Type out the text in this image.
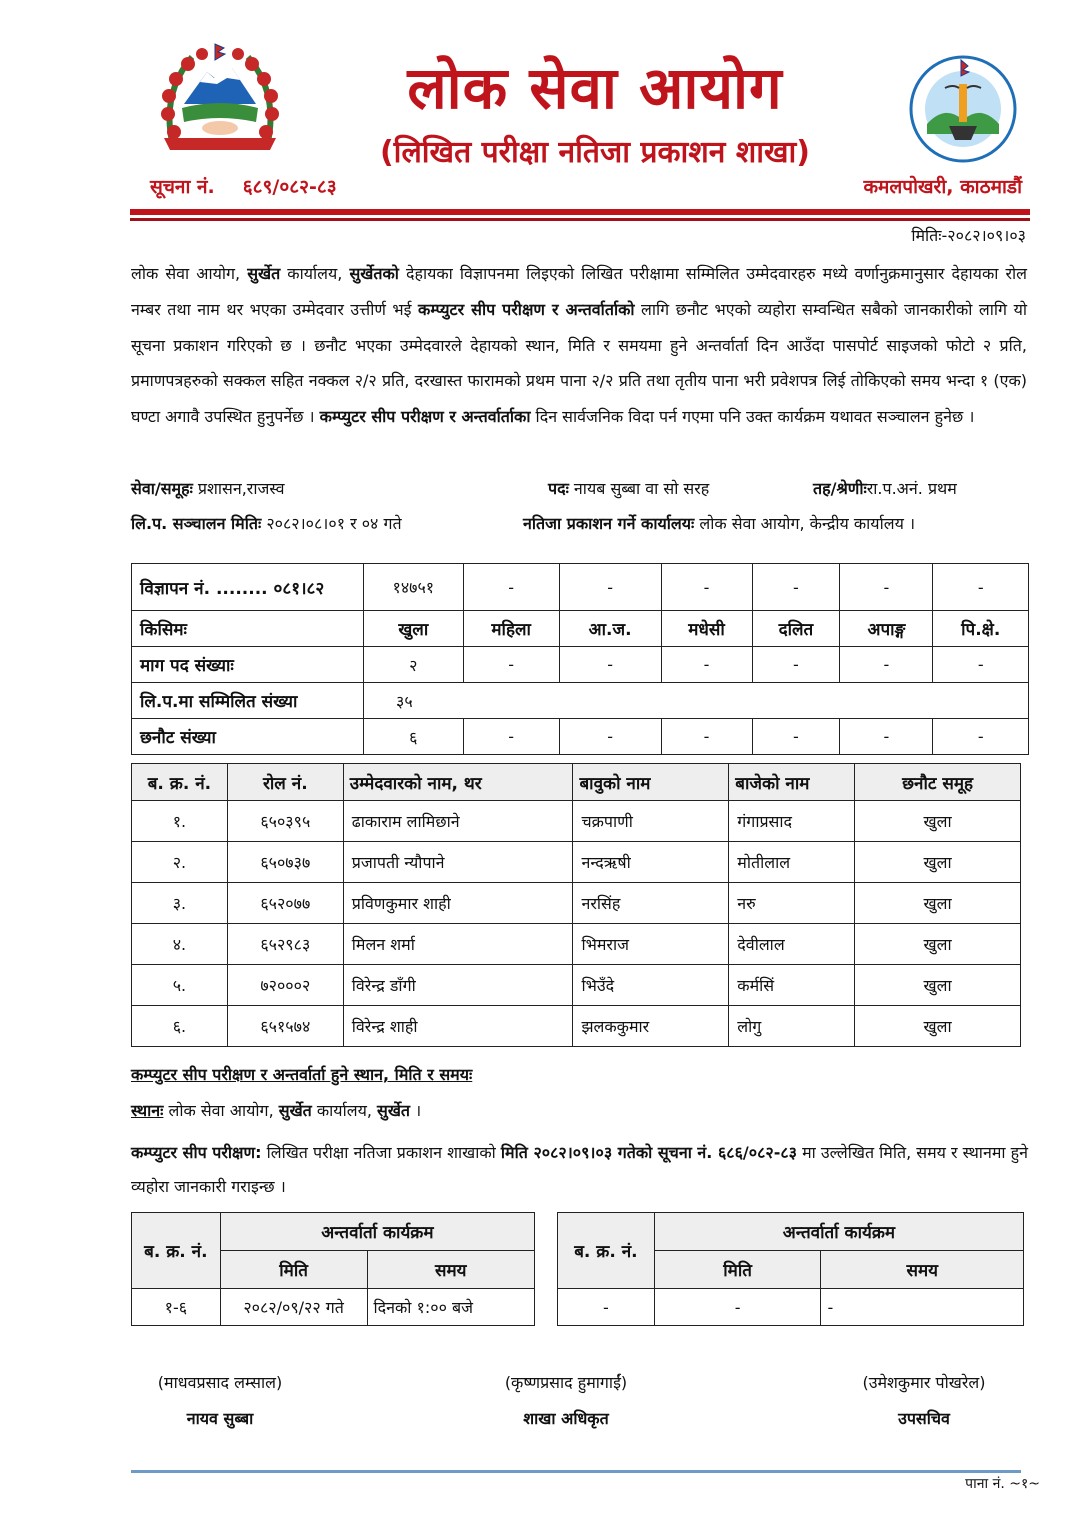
लोक सेवा आयोग
(लिखित परीक्षा नतिजा प्रकाशन शाखा)
सूचना नं. ६८९/०८२-८३	कमलपोखरी, काठमाडौं
मितिः-२०८२।०९।०३
लोक सेवा आयोग, सुर्खेत कार्यालय, सुर्खेतको देहायका विज्ञापनमा लिइएको लिखित परीक्षामा सम्मिलित उम्मेदवारहरु मध्ये वर्णानुक्रमानुसार देहायका रोल नम्बर तथा नाम थर भएका उम्मेदवार उत्तीर्ण भई कम्प्युटर सीप परीक्षण र अन्तर्वार्ताको लागि छनौट भएको व्यहोरा सम्वन्धित सबैको जानकारीको लागि यो सूचना प्रकाशन गरिएको छ । छनौट भएका उम्मेदवारले देहायको स्थान, मिति र समयमा हुने अन्तर्वार्ता दिन आउँदा पासपोर्ट साइजको फोटो २ प्रति, प्रमाणपत्रहरुको सक्कल सहित नक्कल २/२ प्रति, दरखास्त फारामको प्रथम पाना २/२ प्रति तथा तृतीय पाना भरी प्रवेशपत्र लिई तोकिएको समय भन्दा १ (एक) घण्टा अगावै उपस्थित हुनुपर्नेछ । कम्प्युटर सीप परीक्षण र अन्तर्वार्ताका दिन सार्वजनिक विदा पर्न गएमा पनि उक्त कार्यक्रम यथावत सञ्चालन हुनेछ ।
सेवा/समूहः प्रशासन,राजस्व	पदः नायब सुब्बा वा सो सरह	तह/श्रेणीःरा.प.अनं. प्रथम
लि.प. सञ्चालन मितिः २०८२।०८।०१ र ०४ गते	नतिजा प्रकाशन गर्ने कार्यालयः लोक सेवा आयोग, केन्द्रीय कार्यालय ।
विज्ञापन नं. ........ ०८१।८२	१४७५१	-	-	-	-	-	-
किसिमः	खुला	महिला	आ.ज.	मधेसी	दलित	अपाङ्ग	पि.क्षे.
माग पद संख्याः	२	-	-	-	-	-	-
लि.प.मा सम्मिलित संख्या	३५						
छनौट संख्या	६	-	-	-	-	-	-
ब. क्र. नं.	रोल नं.	उम्मेदवारको नाम, थर	बावुको नाम	बाजेको नाम	छनौट समूह
१.	६५०३९५	ढाकाराम लामिछाने	चक्रपाणी	गंगाप्रसाद	खुला
२.	६५०७३७	प्रजापती न्यौपाने	नन्दऋषी	मोतीलाल	खुला
३.	६५२०७७	प्रविणकुमार शाही	नरसिंह	नरु	खुला
४.	६५२९८३	मिलन शर्मा	भिमराज	देवीलाल	खुला
५.	७२०००२	विरेन्द्र डाँगी	भिउँदे	कर्मसिं	खुला
६.	६५१५७४	विरेन्द्र शाही	झलककुमार	लोगु	खुला
कम्प्युटर सीप परीक्षण र अन्तर्वार्ता हुने स्थान, मिति र समयः
स्थानः लोक सेवा आयोग, सुर्खेत कार्यालय, सुर्खेत ।
कम्प्युटर सीप परीक्षण: लिखित परीक्षा नतिजा प्रकाशन शाखाको मिति २०८२।०९।०३ गतेको सूचना नं. ६८६/०८२-८३ मा उल्लेखित मिति, समय र स्थानमा हुने व्यहोरा जानकारी गराइन्छ ।
ब. क्र. नं.	अन्तर्वार्ता कार्यक्रम	
	मिति	समय
१-६	२०८२/०९/२२ गते	दिनको १:०० बजे
ब. क्र. नं.	अन्तर्वार्ता कार्यक्रम	
	मिति	समय
-	-	-
(माधवप्रसाद लम्साल)
नायव सुब्बा
(कृष्णप्रसाद हुमागाईं)
शाखा अधिकृत
(उमेशकुमार पोखरेल)
उपसचिव
पाना नं. ~१~
